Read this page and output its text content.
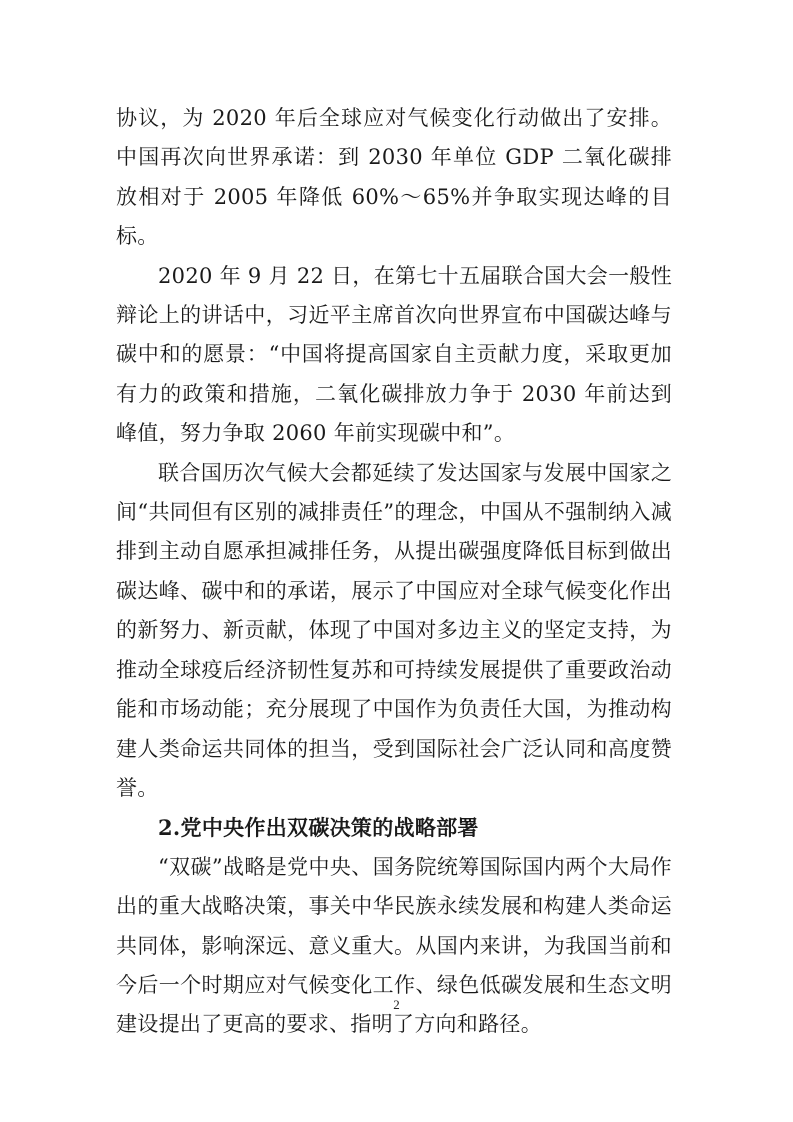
协议，为 2020 年后全球应对气候变化行动做出了安排。中国再次向世界承诺：到 2030 年单位 GDP 二氧化碳排放相对于 2005 年降低 60%～65%并争取实现达峰的目标。

2020 年 9 月 22 日，在第七十五届联合国大会一般性辩论上的讲话中，习近平主席首次向世界宣布中国碳达峰与碳中和的愿景：“中国将提高国家自主贡献力度，采取更加有力的政策和措施，二氧化碳排放力争于 2030 年前达到峰值，努力争取 2060 年前实现碳中和”。

联合国历次气候大会都延续了发达国家与发展中国家之间“共同但有区别的减排责任”的理念，中国从不强制纳入减排到主动自愿承担减排任务，从提出碳强度降低目标到做出碳达峰、碳中和的承诺，展示了中国应对全球气候变化作出的新努力、新贡献，体现了中国对多边主义的坚定支持，为推动全球疫后经济韧性复苏和可持续发展提供了重要政治动能和市场动能；充分展现了中国作为负责任大国，为推动构建人类命运共同体的担当，受到国际社会广泛认同和高度赞誉。

2.党中央作出双碳决策的战略部署

“双碳”战略是党中央、国务院统筹国际国内两个大局作出的重大战略决策，事关中华民族永续发展和构建人类命运共同体，影响深远、意义重大。从国内来讲，为我国当前和今后一个时期应对气候变化工作、绿色低碳发展和生态文明建设提出了更高的要求、指明了方向和路径。

2
